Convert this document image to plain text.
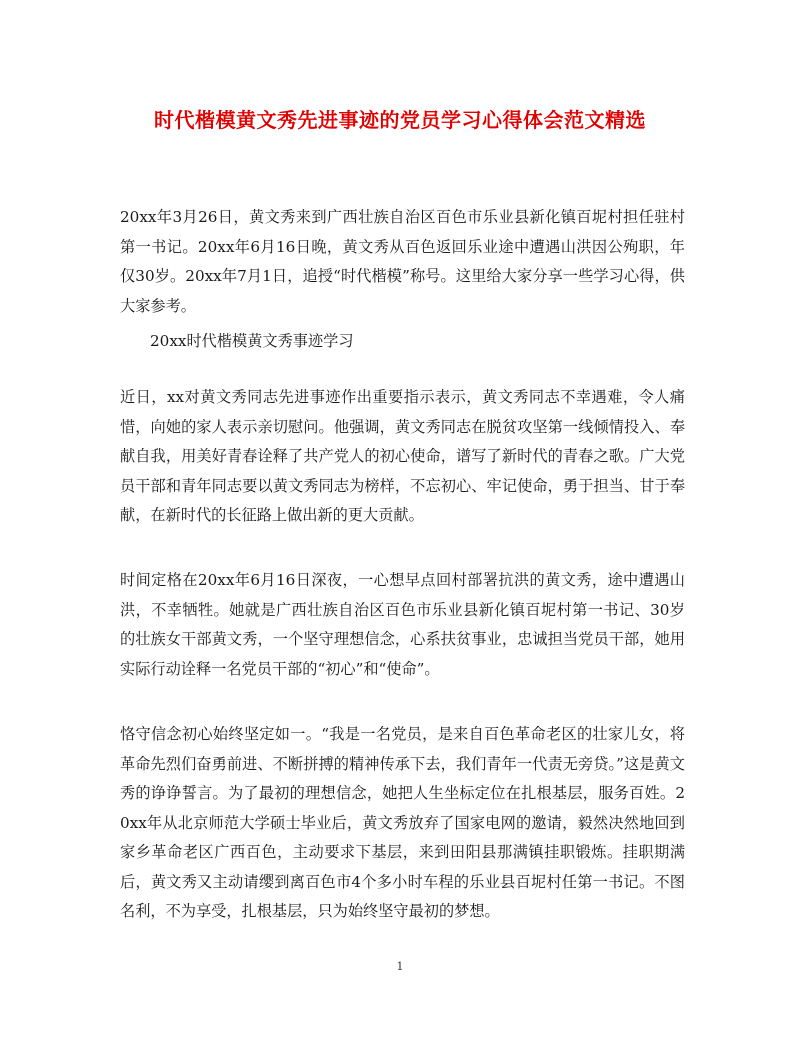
时代楷模黄文秀先进事迹的党员学习心得体会范文精选

20xx年3月26日，黄文秀来到广西壮族自治区百色市乐业县新化镇百坭村担任驻村第一书记。20xx年6月16日晚，黄文秀从百色返回乐业途中遭遇山洪因公殉职，年仅30岁。20xx年7月1日，追授“时代楷模”称号。这里给大家分享一些学习心得，供大家参考。

20xx时代楷模黄文秀事迹学习

近日，xx对黄文秀同志先进事迹作出重要指示表示，黄文秀同志不幸遇难，令人痛惜，向她的家人表示亲切慰问。他强调，黄文秀同志在脱贫攻坚第一线倾情投入、奉献自我，用美好青春诠释了共产党人的初心使命，谱写了新时代的青春之歌。广大党员干部和青年同志要以黄文秀同志为榜样，不忘初心、牢记使命，勇于担当、甘于奉献，在新时代的长征路上做出新的更大贡献。

时间定格在20xx年6月16日深夜，一心想早点回村部署抗洪的黄文秀，途中遭遇山洪，不幸牺牲。她就是广西壮族自治区百色市乐业县新化镇百坭村第一书记、30岁的壮族女干部黄文秀，一个坚守理想信念，心系扶贫事业，忠诚担当党员干部，她用实际行动诠释一名党员干部的“初心”和“使命”。

恪守信念初心始终坚定如一。“我是一名党员，是来自百色革命老区的壮家儿女，将革命先烈们奋勇前进、不断拼搏的精神传承下去，我们青年一代责无旁贷。”这是黄文秀的诤诤誓言。为了最初的理想信念，她把人生坐标定位在扎根基层，服务百姓。20xx年从北京师范大学硕士毕业后，黄文秀放弃了国家电网的邀请，毅然决然地回到家乡革命老区广西百色，主动要求下基层，来到田阳县那满镇挂职锻炼。挂职期满后，黄文秀又主动请缨到离百色市4个多小时车程的乐业县百坭村任第一书记。不图名利，不为享受，扎根基层，只为始终坚守最初的梦想。

1
